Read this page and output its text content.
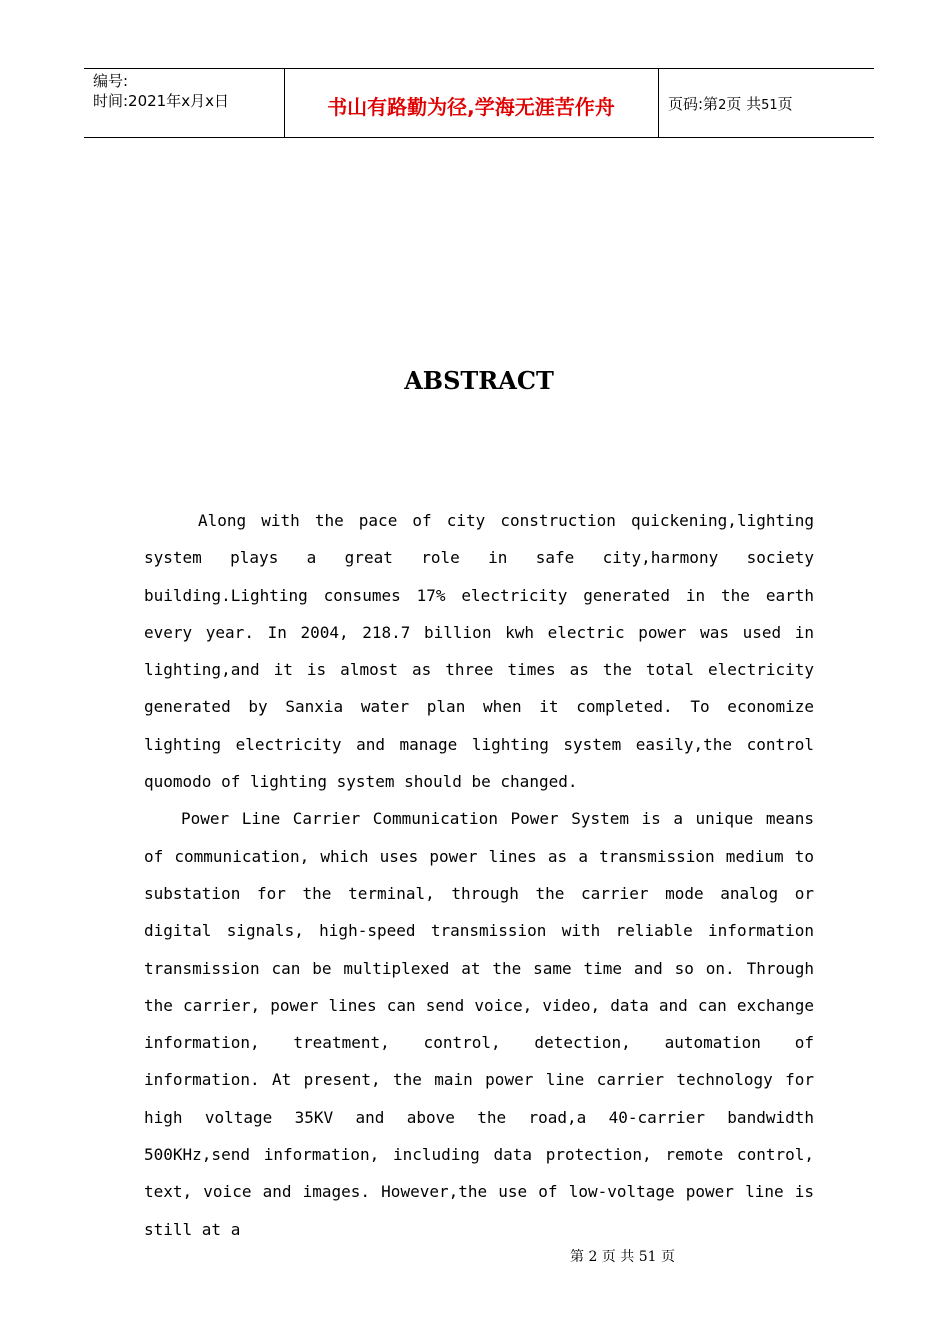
编号:
时间:2021年x月x日	书山有路勤为径,学海无涯苦作舟	页码:第2页 共51页
ABSTRACT

Along with the pace of city construction quickening,lighting system plays a great role in safe city,harmony society building.Lighting consumes 17% electricity generated in the earth every year. In 2004, 218.7 billion kwh electric power was used in lighting,and it is almost as three times as the total electricity generated by Sanxia water plan when it completed. To economize lighting electricity and manage lighting system easily,the control quomodo of lighting system should be changed.

Power Line Carrier Communication Power System is a unique means of communication, which uses power lines as a transmission medium to substation for the terminal, through the carrier mode analog or digital signals, high-speed transmission with reliable information transmission can be multiplexed at the same time and so on. Through the carrier, power lines can send voice, video, data and can exchange information, treatment, control, detection, automation of information. At present, the main power line carrier technology for high voltage 35KV and above the road,a 40-carrier bandwidth 500KHz,send information, including data protection, remote control, text, voice and images. However,the use of low-voltage power line is still at a

第 2 页 共 51 页
